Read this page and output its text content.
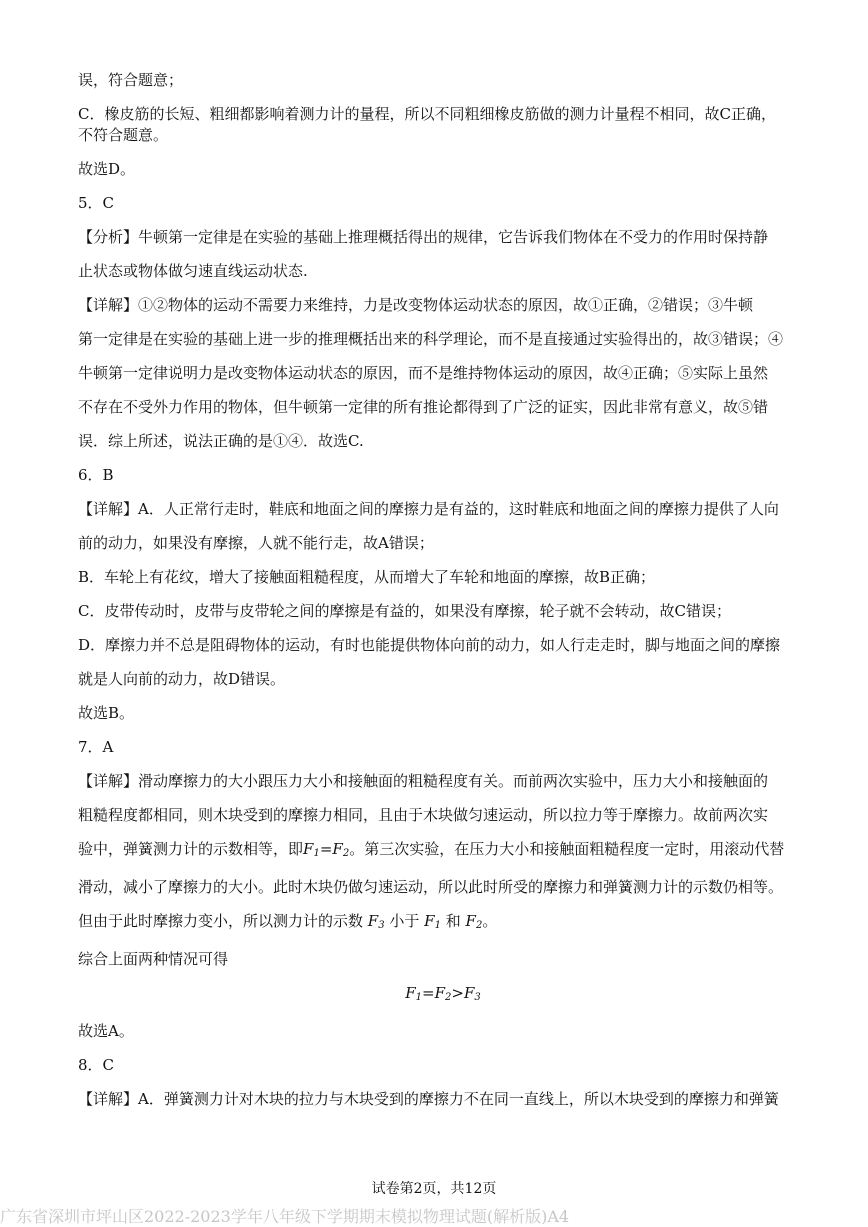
误，符合题意；

C．橡皮筋的长短、粗细都影响着测力计的量程，所以不同粗细橡皮筋做的测力计量程不相同，故C正确，

不符合题意。

故选D。

5．C

【分析】牛顿第一定律是在实验的基础上推理概括得出的规律，它告诉我们物体在不受力的作用时保持静

止状态或物体做匀速直线运动状态.

【详解】①②物体的运动不需要力来维持，力是改变物体运动状态的原因，故①正确，②错误；③牛顿

第一定律是在实验的基础上进一步的推理概括出来的科学理论，而不是直接通过实验得出的，故③错误；④

牛顿第一定律说明力是改变物体运动状态的原因，而不是维持物体运动的原因，故④正确；⑤实际上虽然

不存在不受外力作用的物体，但牛顿第一定律的所有推论都得到了广泛的证实，因此非常有意义，故⑤错

误．综上所述，说法正确的是①④．故选C.

6．B

【详解】A．人正常行走时，鞋底和地面之间的摩擦力是有益的，这时鞋底和地面之间的摩擦力提供了人向

前的动力，如果没有摩擦，人就不能行走，故A错误；

B．车轮上有花纹，增大了接触面粗糙程度，从而增大了车轮和地面的摩擦，故B正确；

C．皮带传动时，皮带与皮带轮之间的摩擦是有益的，如果没有摩擦，轮子就不会转动，故C错误；

D．摩擦力并不总是阻碍物体的运动，有时也能提供物体向前的动力，如人行走走时，脚与地面之间的摩擦

就是人向前的动力，故D错误。

故选B。

7．A

【详解】滑动摩擦力的大小跟压力大小和接触面的粗糙程度有关。而前两次实验中，压力大小和接触面的

粗糙程度都相同，则木块受到的摩擦力相同，且由于木块做匀速运动，所以拉力等于摩擦力。故前两次实

验中，弹簧测力计的示数相等，即$F_1=F_2$。第三次实验，在压力大小和接触面粗糙程度一定时，用滚动代替

滑动，减小了摩擦力的大小。此时木块仍做匀速运动，所以此时所受的摩擦力和弹簧测力计的示数仍相等。

但由于此时摩擦力变小，所以测力计的示数 $F_3$ 小于 $F_1$ 和 $F_2$。

综合上面两种情况可得

$F_1=F_2>F_3$

故选A。

8．C

【详解】A．弹簧测力计对木块的拉力与木块受到的摩擦力不在同一直线上，所以木块受到的摩擦力和弹簧

试卷第2页，共12页
广东省深圳市坪山区2022-2023学年八年级下学期期末模拟物理试题(解析版)A4
